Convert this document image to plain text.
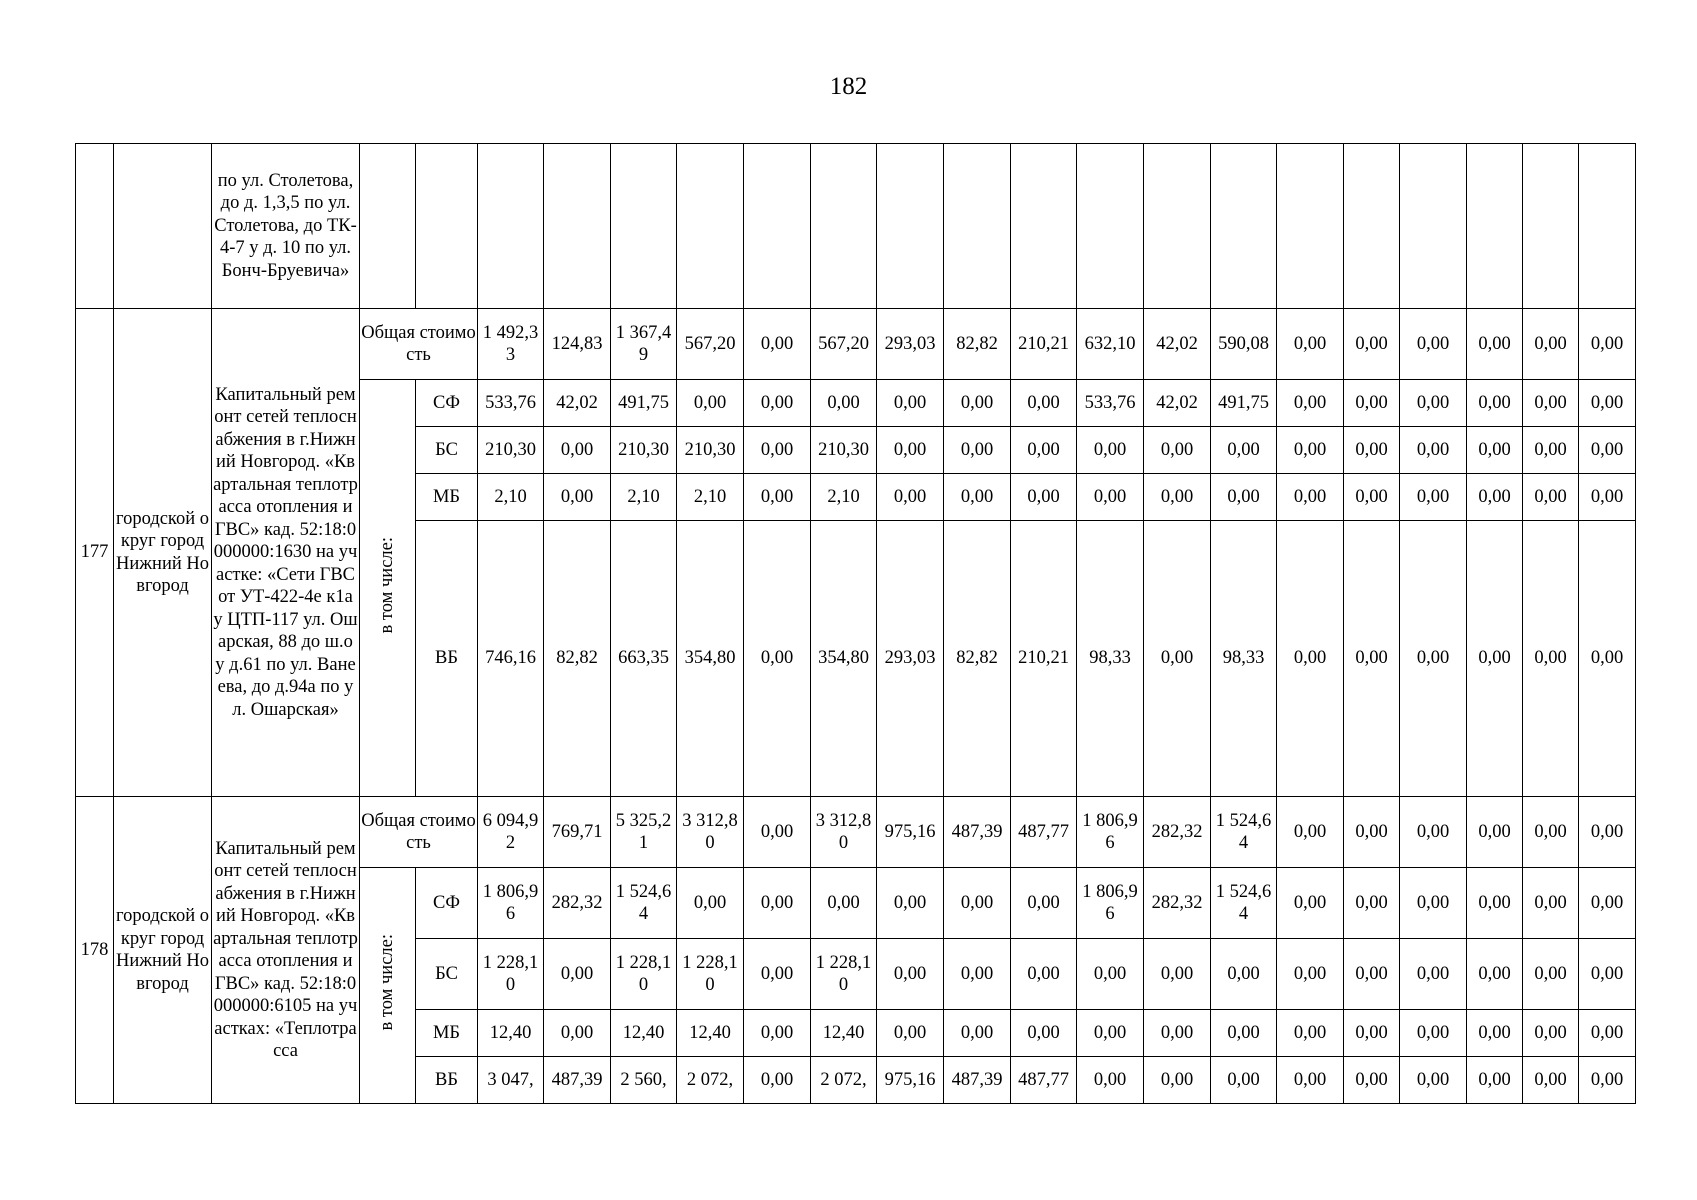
182
		по ул. Столетова, до д. 1,3,5 по ул. Столетова, до ТК-4-7 у д. 10 по ул. Бонч-Бруевича»																				
177	городской округ город Нижний Новгород	Капитальный ремонт сетей теплоснабжения в г.Нижний Новгород. «Квартальная теплотрасса отопления и ГВС» кад. 52:18:0000000:1630 на участке: «Сети ГВС от УТ-422-4е к1а у ЦТП-117 ул. Ошарская, 88 до ш.о у д.61 по ул. Ванеева, до д.94а по ул. Ошарская»	Общая стоимость		1 492,33	124,83	1 367,49	567,20	0,00	567,20	293,03	82,82	210,21	632,10	42,02	590,08	0,00	0,00	0,00	0,00	0,00	0,00
			в том числе:	СФ	533,76	42,02	491,75	0,00	0,00	0,00	0,00	0,00	0,00	533,76	42,02	491,75	0,00	0,00	0,00	0,00	0,00	0,00
				БС	210,30	0,00	210,30	210,30	0,00	210,30	0,00	0,00	0,00	0,00	0,00	0,00	0,00	0,00	0,00	0,00	0,00	0,00
				МБ	2,10	0,00	2,10	2,10	0,00	2,10	0,00	0,00	0,00	0,00	0,00	0,00	0,00	0,00	0,00	0,00	0,00	0,00
				ВБ	746,16	82,82	663,35	354,80	0,00	354,80	293,03	82,82	210,21	98,33	0,00	98,33	0,00	0,00	0,00	0,00	0,00	0,00
178	городской округ город Нижний Новгород	Капитальный ремонт сетей теплоснабжения в г.Нижний Новгород. «Квартальная теплотрасса отопления и ГВС» кад. 52:18:0000000:6105 на участках: «Теплотрасса	Общая стоимость		6 094,92	769,71	5 325,21	3 312,80	0,00	3 312,80	975,16	487,39	487,77	1 806,96	282,32	1 524,64	0,00	0,00	0,00	0,00	0,00	0,00
			в том числе:	СФ	1 806,96	282,32	1 524,64	0,00	0,00	0,00	0,00	0,00	0,00	1 806,96	282,32	1 524,64	0,00	0,00	0,00	0,00	0,00	0,00
				БС	1 228,10	0,00	1 228,10	1 228,10	0,00	1 228,10	0,00	0,00	0,00	0,00	0,00	0,00	0,00	0,00	0,00	0,00	0,00	0,00
				МБ	12,40	0,00	12,40	12,40	0,00	12,40	0,00	0,00	0,00	0,00	0,00	0,00	0,00	0,00	0,00	0,00	0,00	0,00
				ВБ	3 047,	487,39	2 560,	2 072,	0,00	2 072,	975,16	487,39	487,77	0,00	0,00	0,00	0,00	0,00	0,00	0,00	0,00	0,00
